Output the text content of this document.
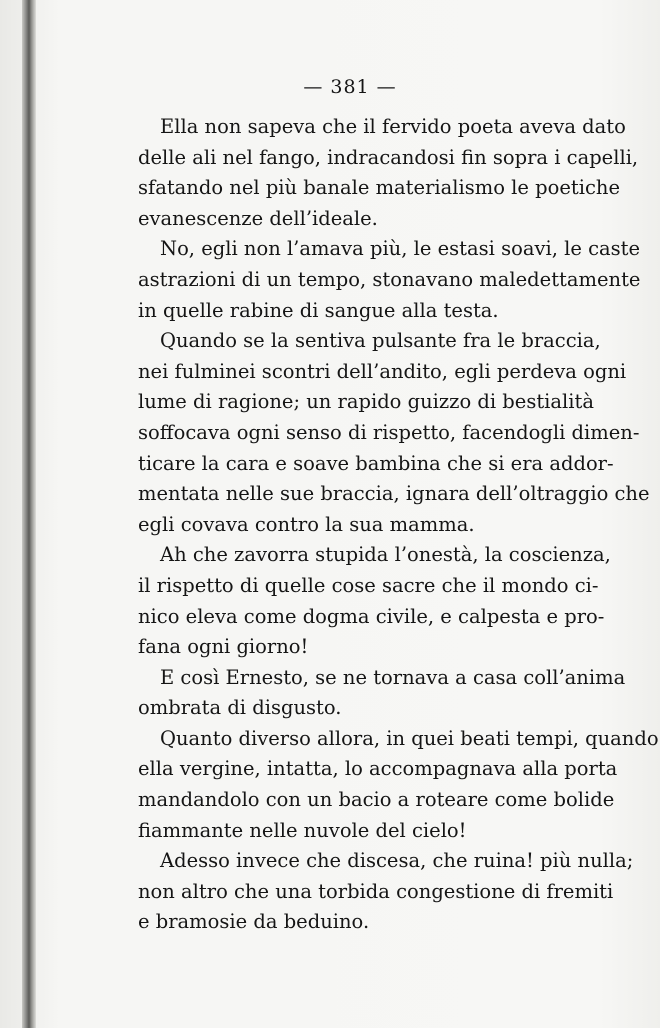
— 381 —
Ella non sapeva che il fervido poeta aveva dato
delle ali nel fango, indracandosi fin sopra i capelli,
sfatando nel più banale materialismo le poetiche
evanescenze dell’ideale.
No, egli non l’amava più, le estasi soavi, le caste
astrazioni di un tempo, stonavano maledettamente
in quelle rabine di sangue alla testa.
Quando se la sentiva pulsante fra le braccia,
nei fulminei scontri dell’andito, egli perdeva ogni
lume di ragione; un rapido guizzo di bestialità
soffocava ogni senso di rispetto, facendogli dimen-
ticare la cara e soave bambina che si era addor-
mentata nelle sue braccia, ignara dell’oltraggio che
egli covava contro la sua mamma.
Ah che zavorra stupida l’onestà, la coscienza,
il rispetto di quelle cose sacre che il mondo ci-
nico eleva come dogma civile, e calpesta e pro-
fana ogni giorno!
E così Ernesto, se ne tornava a casa coll’anima
ombrata di disgusto.
Quanto diverso allora, in quei beati tempi, quando
ella vergine, intatta, lo accompagnava alla porta
mandandolo con un bacio a roteare come bolide
fiammante nelle nuvole del cielo!
Adesso invece che discesa, che ruina! più nulla;
non altro che una torbida congestione di fremiti
e bramosie da beduino.
